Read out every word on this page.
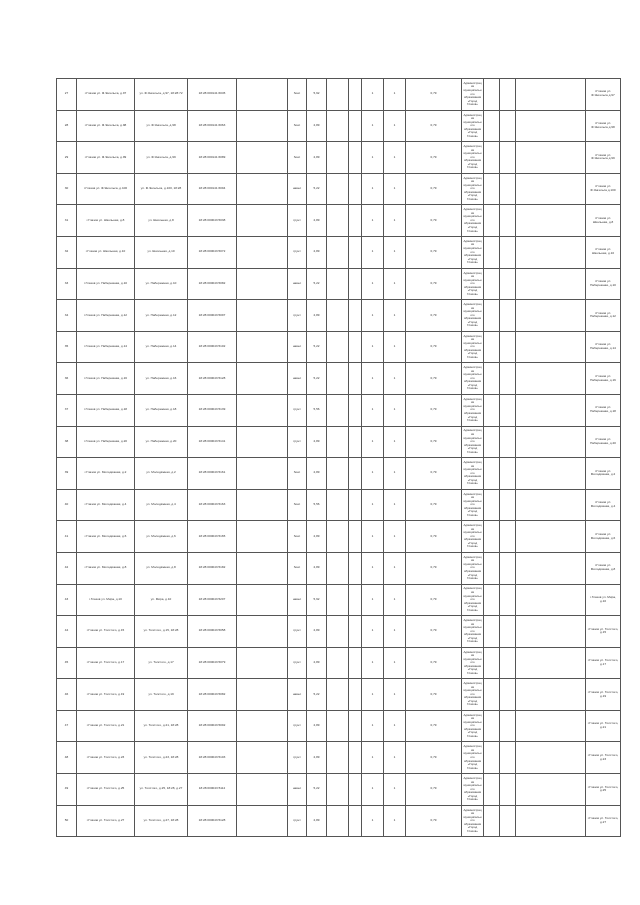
27	г.Глазов ул. Ф.Энгельса, д.97	ул. Ф.Энгельса, д.97, 18:28:72	18:28:000141:6045		бокс	5,92			1	1	0,79	Администрация муниципального образования «Город Глазов»				г.Глазов ул. Ф.Энгельса д.97
28	г.Глазов ул. Ф.Энгельса, д.98	ул. Ф.Энгельса, д.98	18:28:000141:6063		бокс	2,89			1	1	0,79	Администрация муниципального образования «Город Глазов»				г.Глазов ул. Ф.Энгельса д.98
29	г.Глазов ул. Ф.Энгельса, д.99	ул. Ф.Энгельса, д.99	18:28:000141:6089		бокс	2,89			1	1	0,79	Администрация муниципального образования «Город Глазов»				г.Глазов ул. Ф.Энгельса д.99
30	г.Глазов ул. Ф.Энгельса, д.100	ул. Ф.Энгельса, д.100, 18:28	18:28:000141:6094		навес	5,22			1	1	0,79	Администрация муниципального образования «Город Глазов»				г.Глазов ул. Ф.Энгельса д.100
31	г.Глазов ул. Школьная, д.8	ул. Школьная, д.8	18:28:000043:5038		грунт	2,89			1	1	0,79	Администрация муниципального образования «Город Глазов»				г.Глазов ул. Школьная, д.8
32	г.Глазов ул. Школьная, д.10	ул. Школьная, д.10	18:28:000043:5072		грунт	2,89			1	1	0,79	Администрация муниципального образования «Город Глазов»				г.Глазов ул. Школьная, д.10
33	г.Глазов ул. Набережная, д.10	ул. Набережная, д.10	18:28:000043:5082		навес	5,22			1	1	0,79	Администрация муниципального образования «Город Глазов»				г.Глазов ул. Набережная, д.10
34	г.Глазов ул. Набережная, д.12	ул. Набережная, д.12	18:28:000043:5097		грунт	2,89			1	1	0,79	Администрация муниципального образования «Город Глазов»				г.Глазов ул. Набережная, д.12
35	г.Глазов ул. Набережная, д.14	ул. Набережная, д.14	18:28:000043:5102		навес	5,22			1	1	0,79	Администрация муниципального образования «Город Глазов»				г.Глазов ул. Набережная, д.14
36	г.Глазов ул. Набережная, д.16	ул. Набережная, д.16	18:28:000043:5128		навес	5,22			1	1	0,79	Администрация муниципального образования «Город Глазов»				г.Глазов ул. Набережная, д.16
37	г.Глазов ул. Набережная, д.18	ул. Набережная, д.18	18:28:000043:5139		грунт	5,56			1	1	0,79	Администрация муниципального образования «Город Глазов»				г.Глазов ул. Набережная, д.18
38	г.Глазов ул. Набережная, д.20	ул. Набережная, д.20	18:28:000043:5141		грунт	2,89			1	1	0,79	Администрация муниципального образования «Город Глазов»				г.Глазов ул. Набережная, д.20
39	г.Глазов ул. Молодёжная, д.2	ул. Молодёжная, д.2	18:28:000043:5161		бокс	2,89			1	1	0,79	Администрация муниципального образования «Город Глазов»				г.Глазов ул. Молодёжная, д.2
40	г.Глазов ул. Молодёжная, д.4	ул. Молодёжная, д.4	18:28:000043:5163		бокс	5,56			1	1	0,79	Администрация муниципального образования «Город Глазов»				г.Глазов ул. Молодёжная, д.4
41	г.Глазов ул. Молодёжная, д.6	ул. Молодёжная, д.6	18:28:000043:5165		бокс	2,89			1	1	0,79	Администрация муниципального образования «Город Глазов»				г.Глазов ул. Молодёжная, д.6
42	г.Глазов ул. Молодёжная, д.8	ул. Молодёжная, д.8	18:28:000043:5182		бокс	2,89			1	1	0,79	Администрация муниципального образования «Город Глазов»				г.Глазов ул. Молодёжная, д.8
43	г.Глазов ул. Мира, д.10	ул. Мира, д.10	18:28:000043:5207		навес	5,92			1	1	0,79	Администрация муниципального образования «Город Глазов»				г.Глазов ул. Мира, д.10
44	г.Глазов ул. Толстого, д.15	ул. Толстого, д.15, 18:28	18:28:000043:5058		грунт	2,89			1	1	0,79	Администрация муниципального образования «Город Глазов»				г.Глазов ул. Толстого, д.15
45	г.Глазов ул. Толстого, д.17	ул. Толстого, д.17	18:28:000043:5079		грунт	2,89			1	1	0,79	Администрация муниципального образования «Город Глазов»				г.Глазов ул. Толстого, д.17
46	г.Глазов ул. Толстого, д.19	ул. Толстого, д.19	18:28:000043:5082		навес	5,22			1	1	0,79	Администрация муниципального образования «Город Глазов»				г.Глазов ул. Толстого, д.19
47	г.Глазов ул. Толстого, д.21	ул. Толстого, д.21, 18:28	18:28:000043:5092		грунт	2,89			1	1	0,79	Администрация муниципального образования «Город Глазов»				г.Глазов ул. Толстого, д.21
48	г.Глазов ул. Толстого, д.23	ул. Толстого, д.23, 18:28	18:28:000043:5103		грунт	2,89			1	1	0,79	Администрация муниципального образования «Город Глазов»				г.Глазов ул. Толстого, д.23
49	г.Глазов ул. Толстого, д.25	ул. Толстого, д.25, 18:28, д.27	18:28:000043:5112		навес	5,22			1	1	0,79	Администрация муниципального образования «Город Глазов»				г.Глазов ул. Толстого, д.25
50	г.Глазов ул. Толстого, д.27	ул. Толстого, д.27, 18:28	18:28:000043:5128		грунт	2,89			1	1	0,79	Администрация муниципального образования «Город Глазов»				г.Глазов ул. Толстого, д.27
